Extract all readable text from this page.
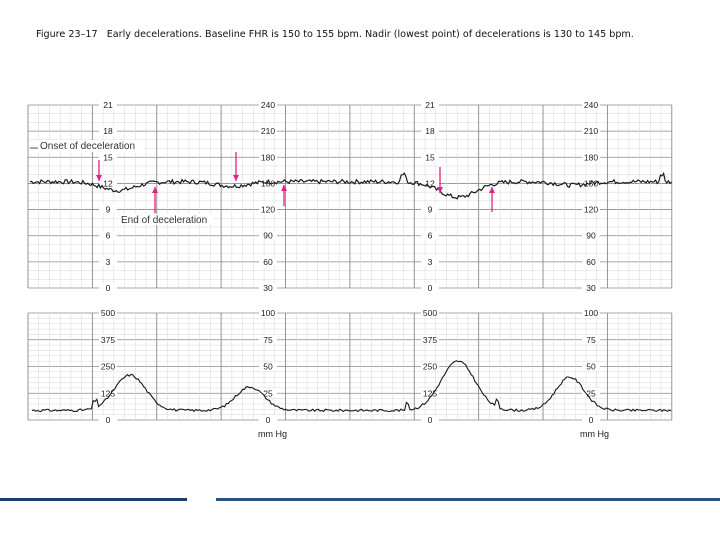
Figure 23–17 Early decelerations. Baseline FHR is 150 to 155 bpm. Nadir (lowest point) of decelerations is 130 to 145 bpm.
21	21
18	18
15	15
12	12
9	9
6	6
3	3
0	0
240	240
210	210
180	180
150	150
120	120
90	90
60	60
30	30
500	500
375	375
250	250
125	125
0	0
100	100
75	75
50	50
25	25
0	0
Onset of deceleration
End of deceleration
mm Hg	mm Hg
